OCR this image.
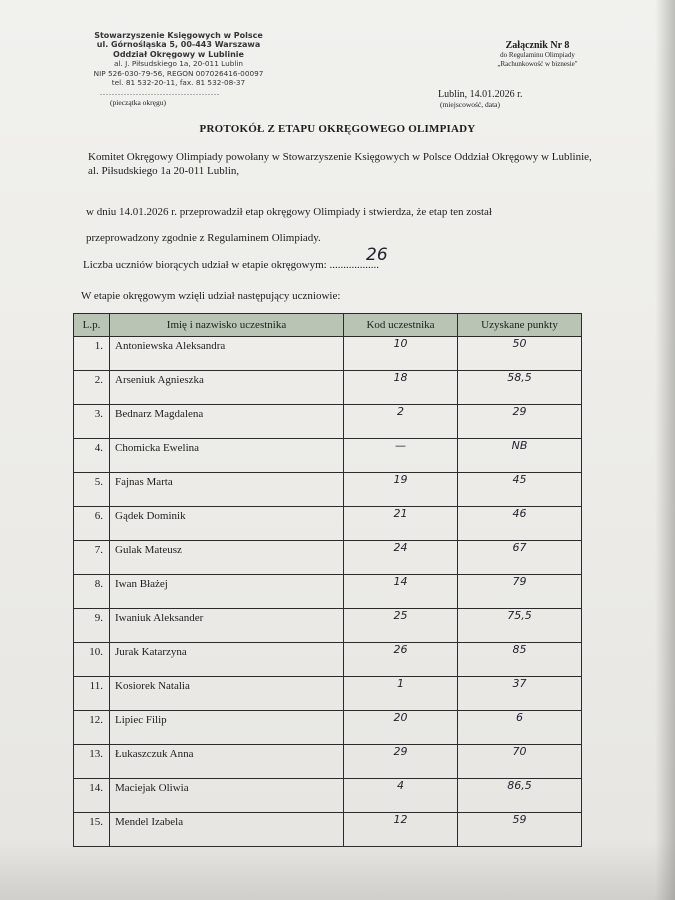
Stowarzyszenie Księgowych w Polsce
ul. Górnośląska 5, 00-443 Warszawa
Oddział Okręgowy w Lublinie
al. J. Piłsudskiego 1a, 20-011 Lublin
NIP 526-030-79-56, REGON 007026416-00097
tel. 81 532-20-11, fax. 81 532-08-37
........................................
(pieczątka okręgu)
Załącznik Nr 8
do Regulaminu Olimpiady
„Rachunkowość w biznesie"
Lublin, 14.01.2026 r.
(miejscowość, data)
PROTOKÓŁ Z ETAPU OKRĘGOWEGO OLIMPIADY
Komitet Okręgowy Olimpiady powołany w Stowarzyszenie Księgowych w Polsce Oddział Okręgowy w Lublinie, al. Piłsudskiego 1a 20-011 Lublin,
w dniu 14.01.2026 r. przeprowadził etap okręgowy Olimpiady i stwierdza, że etap ten został
przeprowadzony zgodnie z Regulaminem Olimpiady.
Liczba uczniów biorących udział w etapie okręgowym: ..................
26
W etapie okręgowym wzięli udział następujący uczniowie:
L.p.	Imię i nazwisko uczestnika	Kod uczestnika	Uzyskane punkty
1.	Antoniewska Aleksandra	10	50
2.	Arseniuk Agnieszka	18	58,5
3.	Bednarz Magdalena	2	29
4.	Chomicka Ewelina	—	NB
5.	Fajnas Marta	19	45
6.	Gądek Dominik	21	46
7.	Gulak Mateusz	24	67
8.	Iwan Błażej	14	79
9.	Iwaniuk Aleksander	25	75,5
10.	Jurak Katarzyna	26	85
11.	Kosiorek Natalia	1	37
12.	Lipiec Filip	20	6
13.	Łukaszczuk Anna	29	70
14.	Maciejak Oliwia	4	86,5
15.	Mendel Izabela	12	59
